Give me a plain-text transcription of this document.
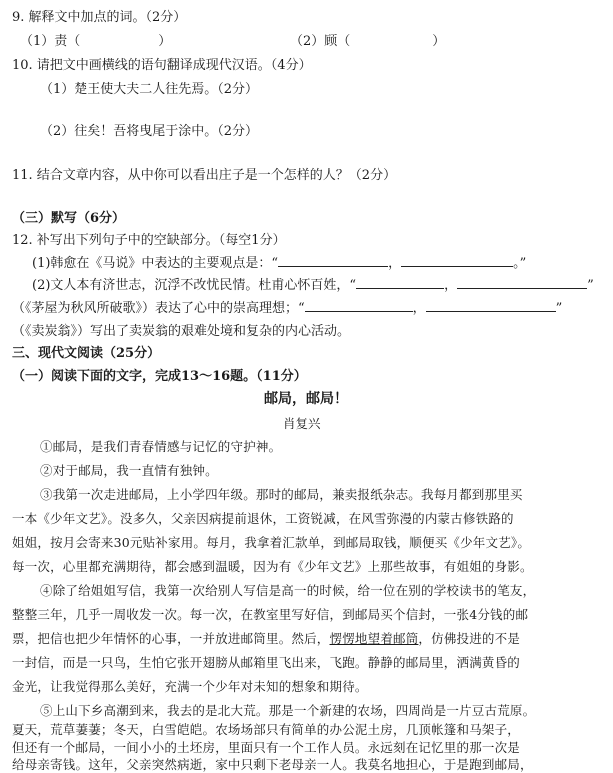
9. 解释文中加点的词。（2分）
（1）责（	）	（2）顾（	）
10. 请把文中画横线的语句翻译成现代汉语。（4分）
（1）楚王使大夫二人往先焉。（2分）
（2）往矣！吾将曳尾于涂中。（2分）
11. 结合文章内容，从中你可以看出庄子是一个怎样的人？（2分）
（三）默写（6分）
12. 补写出下列句子中的空缺部分。（每空1分）
(1)韩愈在《马说》中表达的主要观点是：“	，	。”
(2)文人本有济世志，沉浮不改忧民情。杜甫心怀百姓，“	，	”
（《茅屋为秋风所破歌》）表达了心中的崇高理想；“	，	”
（《卖炭翁》）写出了卖炭翁的艰难处境和复杂的内心活动。
三、现代文阅读（25分）
（一）阅读下面的文字，完成13～16题。（11分）
邮局，邮局！
肖复兴
①邮局，是我们青春情感与记忆的守护神。
②对于邮局，我一直情有独钟。
③我第一次走进邮局，上小学四年级。那时的邮局，兼卖报纸杂志。我每月都到那里买
一本《少年文艺》。没多久，父亲因病提前退休，工资锐减，在风雪弥漫的内蒙古修铁路的
姐姐，按月会寄来30元贴补家用。每月，我拿着汇款单，到邮局取钱，顺便买《少年文艺》。
每一次，心里都充满期待，都会感到温暖，因为有《少年文艺》上那些故事，有姐姐的身影。
④除了给姐姐写信，我第一次给别人写信是高一的时候，给一位在别的学校读书的笔友，
整整三年，几乎一周收发一次。每一次，在教室里写好信，到邮局买个信封，一张4分钱的邮
票，把信也把少年情怀的心事，一并放进邮筒里。然后，愣愣地望着邮筒，仿佛投进的不是
一封信，而是一只鸟，生怕它张开翅膀从邮箱里飞出来，飞跑。静静的邮局里，洒满黄昏的
金光，让我觉得那么美好，充满一个少年对未知的想象和期待。
⑤上山下乡高潮到来，我去的是北大荒。那是一个新建的农场，四周尚是一片豆古荒原。
夏天，荒草萋萋；冬天，白雪皑皑。农场场部只有简单的办公泥土房，几顶帐篷和马架子，
但还有一个邮局，一间小小的土坯房，里面只有一个工作人员。永远刻在记忆里的那一次是
给母亲寄钱。这年，父亲突然病逝，家中只剩下老母亲一人。我莫名地担心，于是跑到邮局，
